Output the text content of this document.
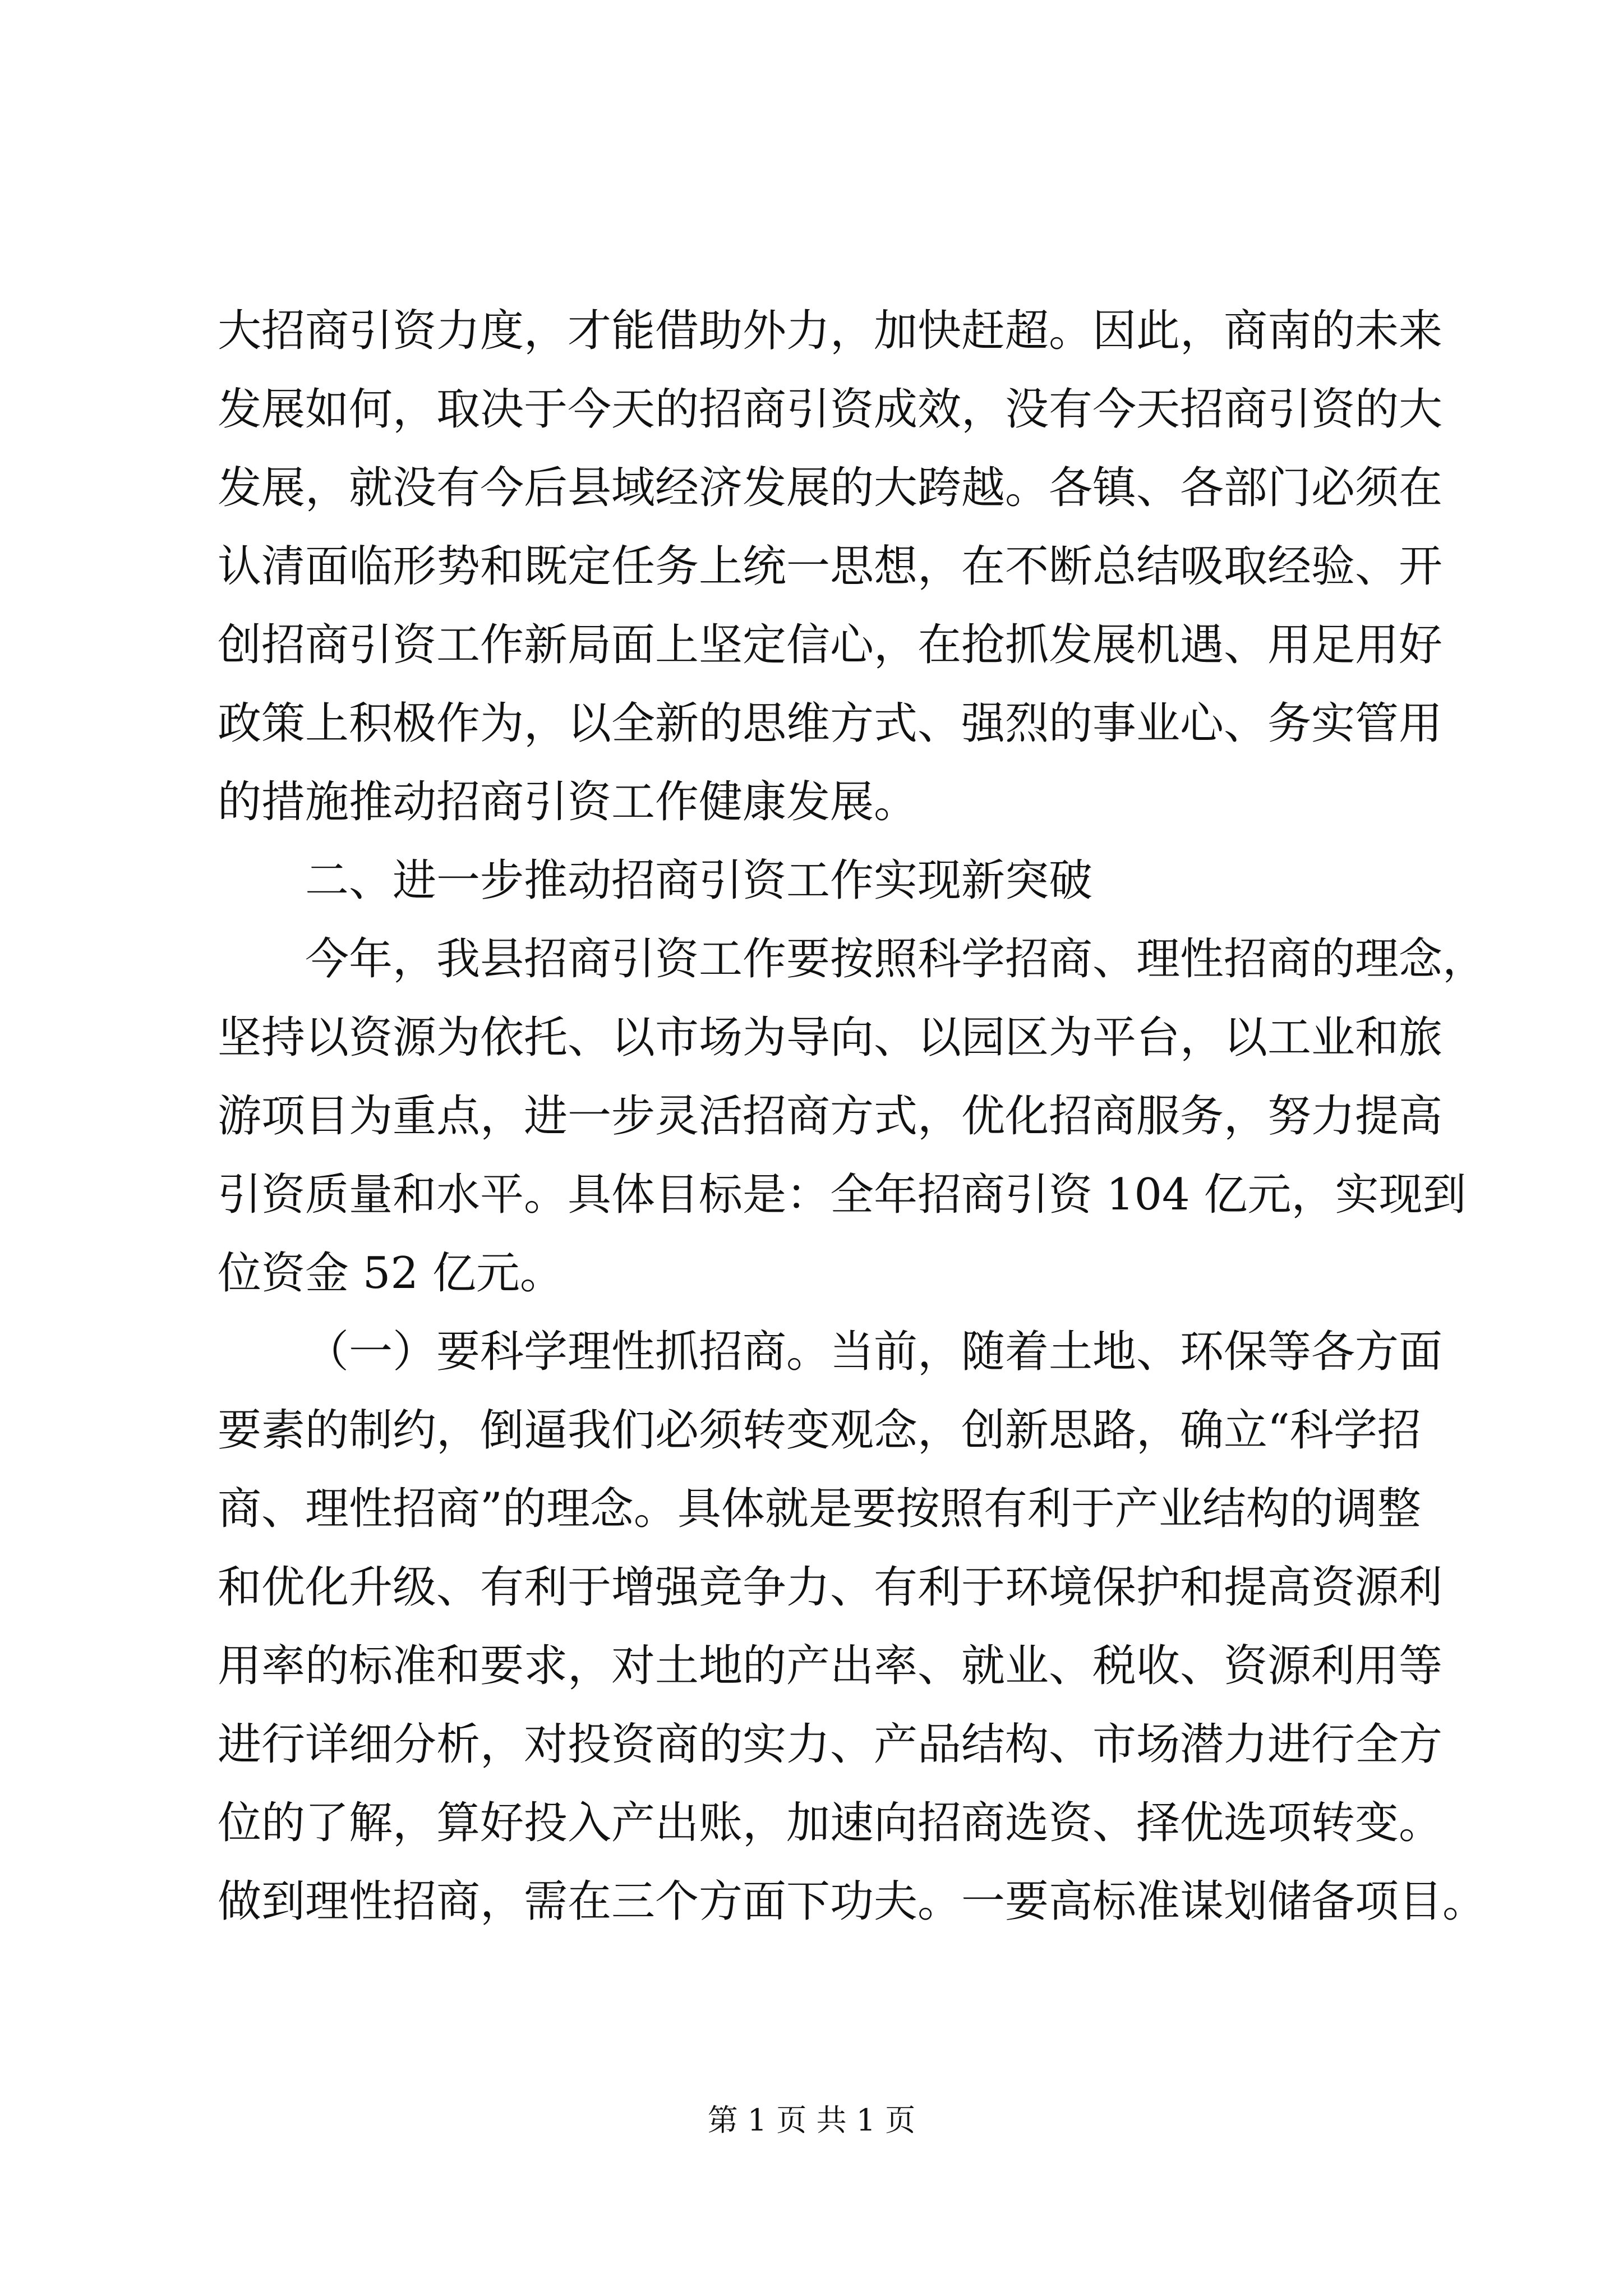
大招商引资力度，才能借助外力，加快赶超。因此，商南的未来
发展如何，取决于今天的招商引资成效，没有今天招商引资的大
发展，就没有今后县域经济发展的大跨越。各镇、各部门必须在
认清面临形势和既定任务上统一思想，在不断总结吸取经验、开
创招商引资工作新局面上坚定信心，在抢抓发展机遇、用足用好
政策上积极作为，以全新的思维方式、强烈的事业心、务实管用
的措施推动招商引资工作健康发展。
二、进一步推动招商引资工作实现新突破
今年，我县招商引资工作要按照科学招商、理性招商的理念，
坚持以资源为依托、以市场为导向、以园区为平台，以工业和旅
游项目为重点，进一步灵活招商方式，优化招商服务，努力提高
引资质量和水平。具体目标是：全年招商引资 104 亿元，实现到
位资金 52 亿元。
（一）要科学理性抓招商。当前，随着土地、环保等各方面
要素的制约，倒逼我们必须转变观念，创新思路，确立“科学招
商、理性招商”的理念。具体就是要按照有利于产业结构的调整
和优化升级、有利于增强竞争力、有利于环境保护和提高资源利
用率的标准和要求，对土地的产出率、就业、税收、资源利用等
进行详细分析，对投资商的实力、产品结构、市场潜力进行全方
位的了解，算好投入产出账，加速向招商选资、择优选项转变。
做到理性招商，需在三个方面下功夫。一要高标准谋划储备项目。
第 1 页 共 1 页
